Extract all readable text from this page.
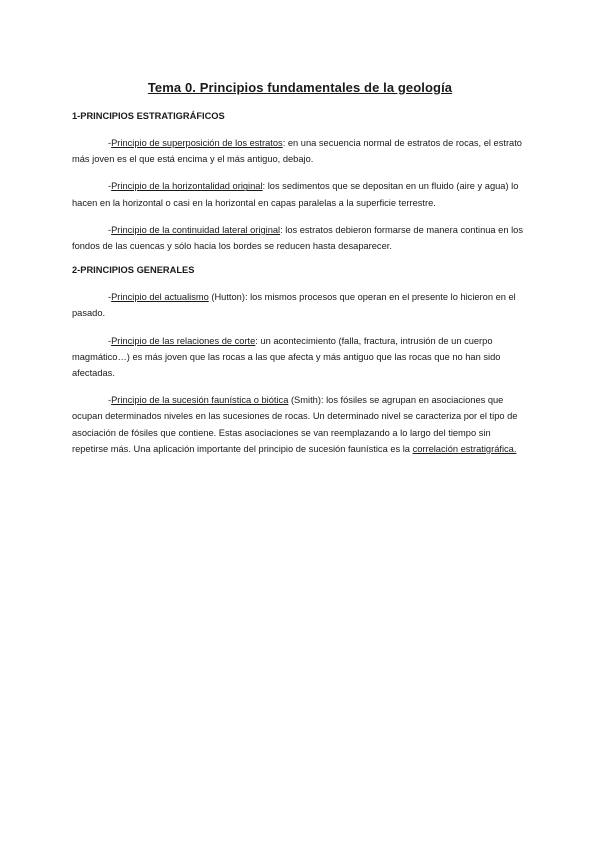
Tema 0. Principios fundamentales de la geología
1-PRINCIPIOS ESTRATIGRÁFICOS

-Principio de superposición de los estratos: en una secuencia normal de estratos de rocas, el estrato más joven es el que está encima y el más antiguo, debajo.

-Principio de la horizontalidad original: los sedimentos que se depositan en un fluido (aire y agua) lo hacen en la horizontal o casi en la horizontal en capas paralelas a la superficie terrestre.

-Principio de la continuidad lateral original: los estratos debieron formarse de manera continua en los fondos de las cuencas y sólo hacia los bordes se reducen hasta desaparecer.

2-PRINCIPIOS GENERALES

-Principio del actualismo (Hutton): los mismos procesos que operan en el presente lo hicieron en el pasado.

-Principio de las relaciones de corte: un acontecimiento (falla, fractura, intrusión de un cuerpo magmático…) es más joven que las rocas a las que afecta y más antiguo que las rocas que no han sido afectadas.

-Principio de la sucesión faunística o biótica (Smith): los fósiles se agrupan en asociaciones que ocupan determinados niveles en las sucesiones de rocas. Un determinado nivel se caracteriza por el tipo de asociación de fósiles que contiene. Estas asociaciones se van reemplazando a lo largo del tiempo sin repetirse más. Una aplicación importante del principio de sucesión faunística es la correlación estratigráfica.
